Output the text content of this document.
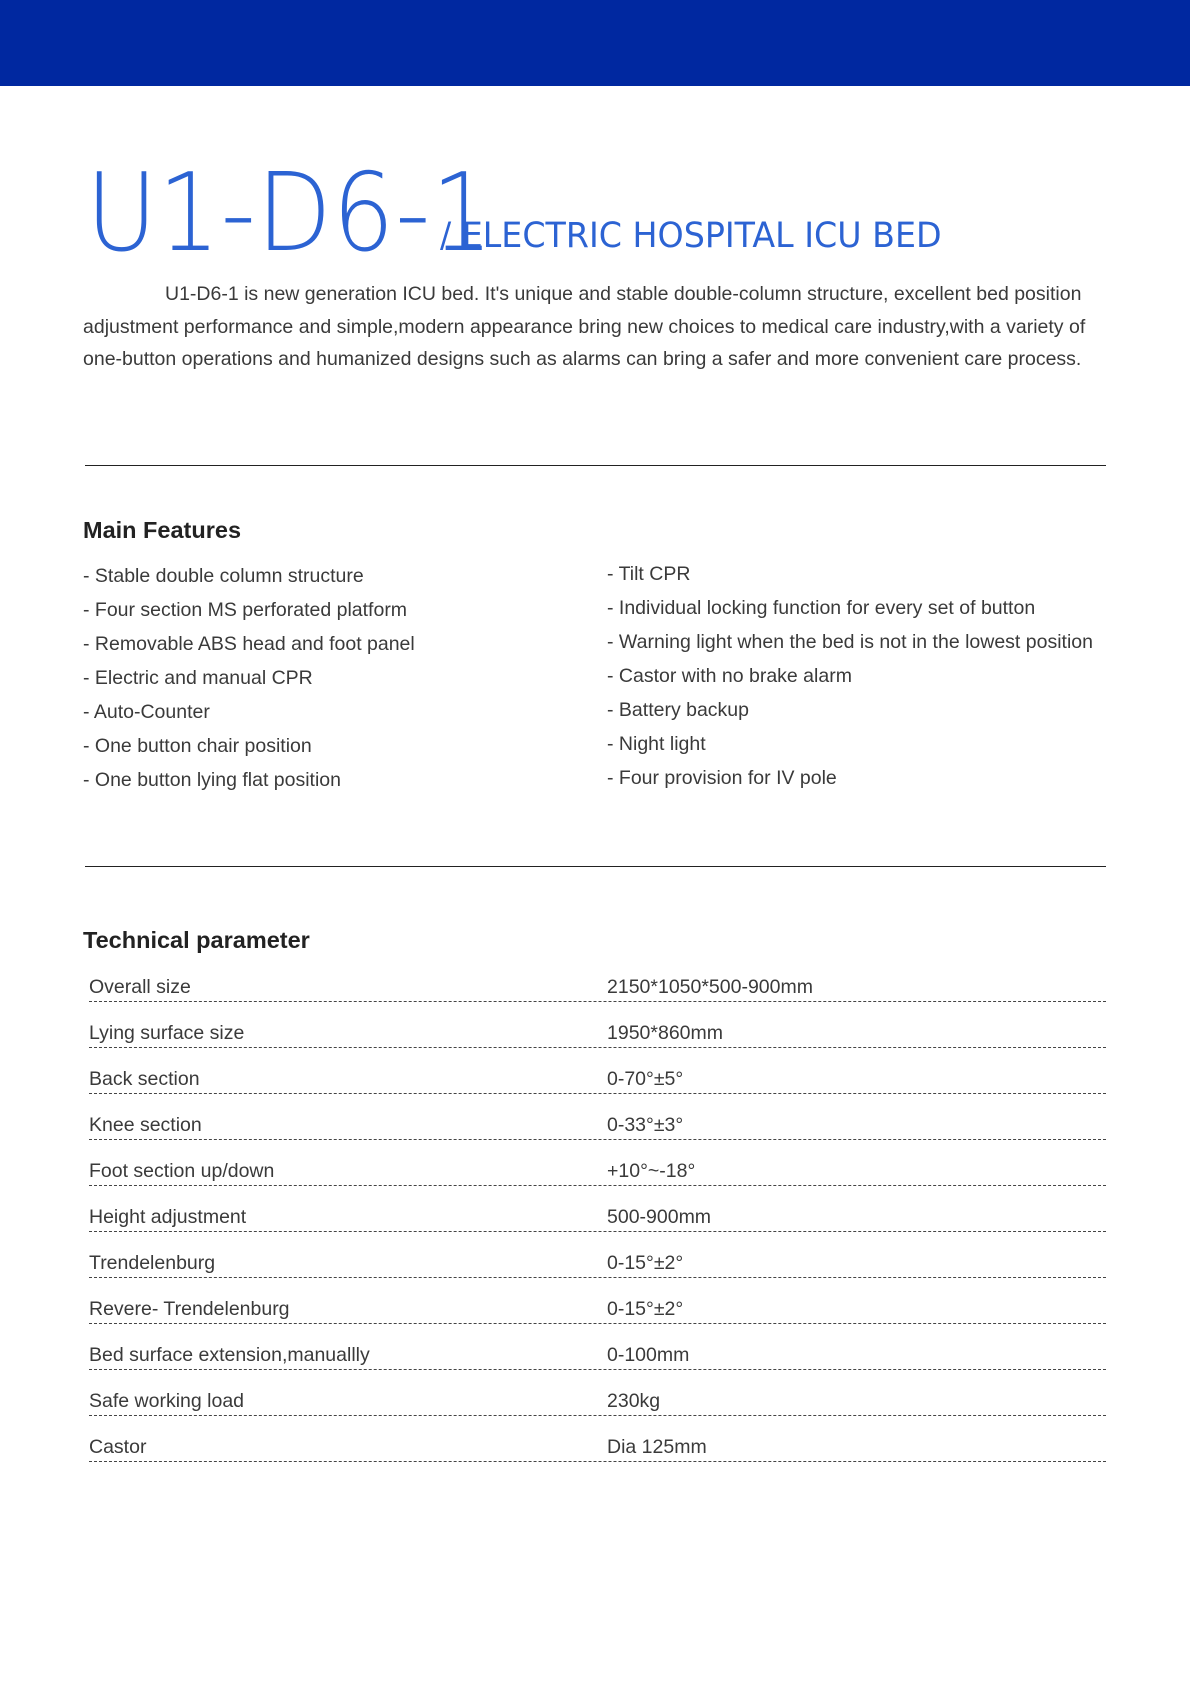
U1-D6-1
/ ELECTRIC HOSPITAL ICU BED

U1-D6-1 is new generation ICU bed. It's unique and stable double-column structure, excellent bed position adjustment performance and simple,modern appearance bring new choices to medical care industry,with a variety of one-button operations and humanized designs such as alarms can bring a safer and more convenient care process.

Main Features
- Stable double column structure
- Four section MS perforated platform
- Removable ABS head and foot panel
- Electric and manual CPR
- Auto-Counter
- One button chair position
- One button lying flat position
- Tilt CPR
- Individual locking function for every set of button
- Warning light when the bed is not in the lowest position
- Castor with no brake alarm
- Battery backup
- Night light
- Four provision for IV pole
Technical parameter
Overall size	2150*1050*500-900mm
Lying surface size	1950*860mm
Back section	0-70°±5°
Knee section	0-33°±3°
Foot section up/down	+10°~-18°
Height adjustment	500-900mm
Trendelenburg	0-15°±2°
Revere- Trendelenburg	0-15°±2°
Bed surface extension,manuallly	0-100mm
Safe working load	230kg
Castor	Dia 125mm
